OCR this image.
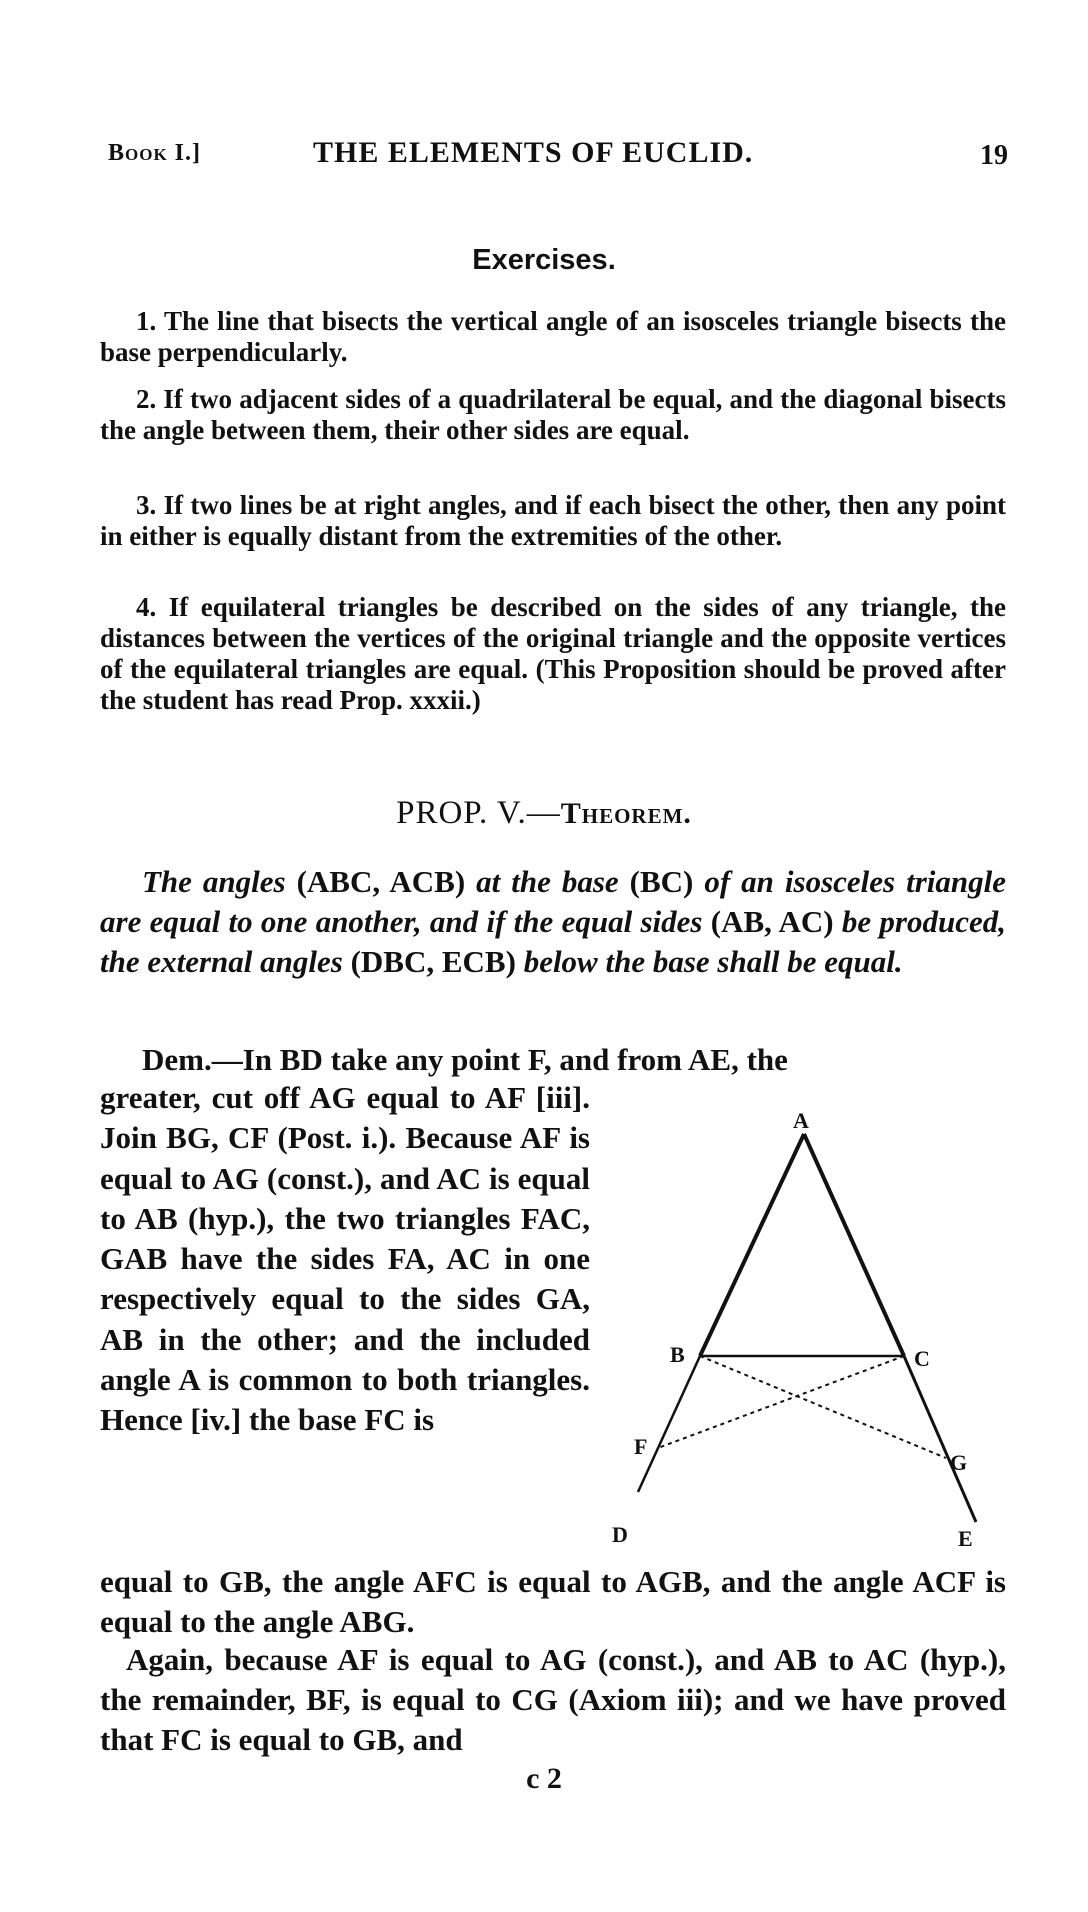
Book I.]	THE ELEMENTS OF EUCLID.	19
Exercises.

1. The line that bisects the vertical angle of an isosceles triangle bisects the base perpendicularly.

2. If two adjacent sides of a quadrilateral be equal, and the diagonal bisects the angle between them, their other sides are equal.

3. If two lines be at right angles, and if each bisect the other, then any point in either is equally distant from the extremities of the other.

4. If equilateral triangles be described on the sides of any triangle, the distances between the vertices of the original triangle and the opposite vertices of the equilateral triangles are equal. (This Proposition should be proved after the student has read Prop. xxxii.)

PROP. V.—Theorem.

The angles (ABC, ACB) at the base (BC) of an isosceles triangle are equal to one another, and if the equal sides (AB, AC) be produced, the external angles (DBC, ECB) below the base shall be equal.

Dem.—In BD take any point F, and from AE, the

greater, cut off AG equal to AF [iii]. Join BG, CF (Post. i.). Because AF is equal to AG (const.), and AC is equal to AB (hyp.), the two triangles FAC, GAB have the sides FA, AC in one respectively equal to the sides GA, AB in the other; and the included angle A is common to both triangles. Hence [iv.] the base FC is

A
B	C
D	E
F
G

equal to GB, the angle AFC is equal to AGB, and the angle ACF is equal to the angle ABG.

Again, because AF is equal to AG (const.), and AB to AC (hyp.), the remainder, BF, is equal to CG (Axiom iii); and we have proved that FC is equal to GB, and

c 2
